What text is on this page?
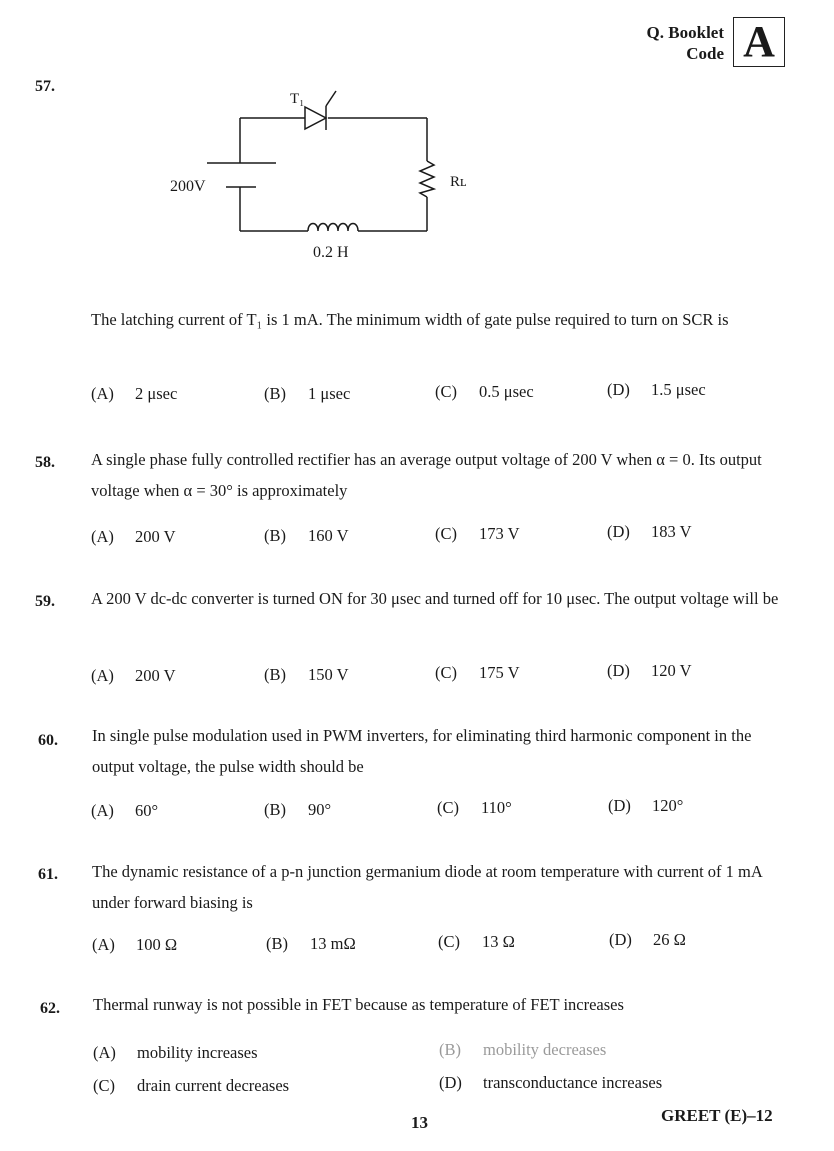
Q. Booklet
Code A
57.
T₁
200V	Rʟ
0.2 H
The latching current of T₁ is 1 mA. The minimum width of gate pulse required to turn on SCR is
(A) 2 μsec	(B) 1 μsec	(C) 0.5 μsec	(D) 1.5 μsec
58. A single phase fully controlled rectifier has an average output voltage of 200 V when α = 0. Its output voltage when α = 30° is approximately
(A) 200 V	(B) 160 V	(C) 173 V	(D) 183 V
59. A 200 V dc-dc converter is turned ON for 30 μsec and turned off for 10 μsec. The output voltage will be
(A) 200 V	(B) 150 V	(C) 175 V	(D) 120 V
60. In single pulse modulation used in PWM inverters, for eliminating third harmonic component in the output voltage, the pulse width should be
(A) 60°	(B) 90°	(C) 110°	(D) 120°
61. The dynamic resistance of a p-n junction germanium diode at room temperature with current of 1 mA under forward biasing is
(A) 100 Ω	(B) 13 mΩ	(C) 13 Ω	(D) 26 Ω
62. Thermal runway is not possible in FET because as temperature of FET increases
(A) mobility increases	(B) mobility decreases
(C) drain current decreases	(D) transconductance increases
13	GREET (E)–12
